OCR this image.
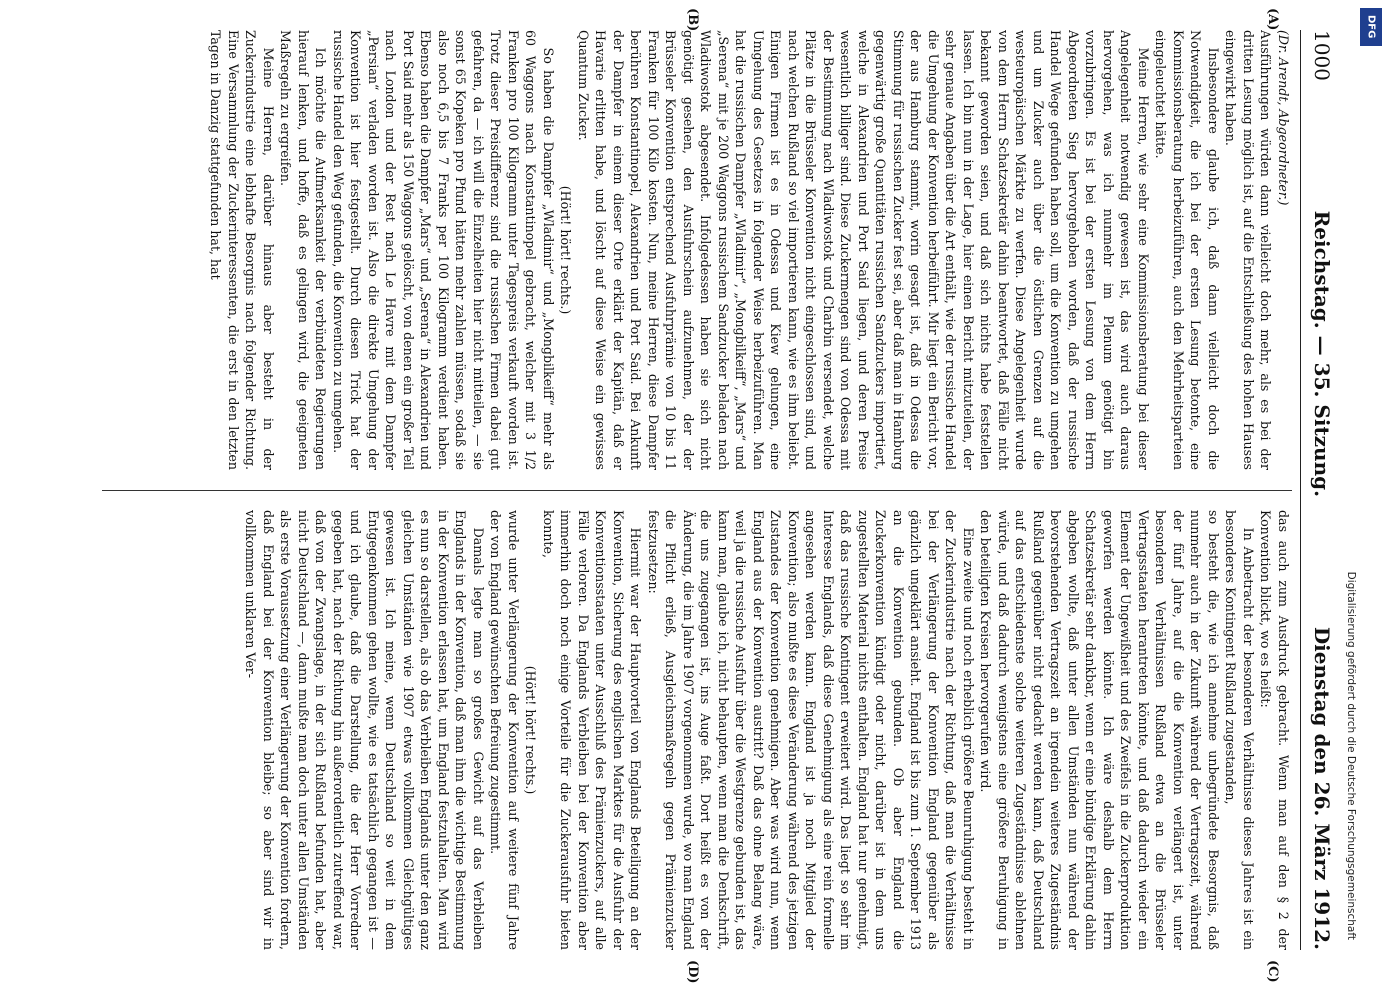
DFG
Digitalisierung gefördert durch die Deutsche Forschungsgemeinschaft
1000
Reichstag. — 35. Sitzung.
Dienstag den 26. März 1912.
(A)
(B)
(C)
(D)

(Dr. Arendt, Abgeordneter.)

Ausführungen würden dann vielleicht doch mehr, als es bei der dritten Lesung möglich ist, auf die Entschließung des hohen Hauses eingewirkt haben.

Insbesondere glaube ich, daß dann vielleicht doch die Notwendigkeit, die ich bei der ersten Lesung betonte, eine Kommissionsberatung herbeizuführen, auch den Mehrheitsparteien eingeleuchtet hätte.

Meine Herren, wie sehr eine Kommissionsberatung bei dieser Angelegenheit notwendig gewesen ist, das wird auch daraus hervorgehen, was ich nunmehr im Plenum genötigt bin vorzubringen. Es ist bei der ersten Lesung von dem Herrn Abgeordneten Sieg hervorgehoben worden, daß der russische Handel Wege gefunden haben soll, um die Konvention zu umgehen und um Zucker auch über die östlichen Grenzen auf die westeuropäischen Märkte zu werfen. Diese Angelegenheit wurde von dem Herrn Schatzsekretär dahin beantwortet, daß Fälle nicht bekannt geworden seien, und daß sich nichts habe feststellen lassen. Ich bin nun in der Lage, hier einen Bericht mitzuteilen, der sehr genaue Angaben über die Art enthält, wie der russische Handel die Umgehung der Konvention herbeiführt. Mir liegt ein Bericht vor, der aus Hamburg stammt, worin gesagt ist, daß in Odessa die Stimmung für russischen Zucker fest sei, aber daß man in Hamburg gegenwärtig große Quantitäten russischen Sandzuckers importiert, welche in Alexandrien und Port Said liegen, und deren Preise wesentlich billiger sind. Diese Zuckermengen sind von Odessa mit der Bestimmung nach Wladiwostok und Charbin versendet, welche Plätze in die Brüsseler Konvention nicht eingeschlossen sind, und nach welchen Rußland so viel importieren kann, wie es ihm beliebt. Einigen Firmen ist es in Odessa und Kiew gelungen, eine Umgehung des Gesetzes in folgender Weise herbeizuführen. Man hat die russischen Dampfer „Wladimir“, „Mongbilkeiff“, „Mars“ und „Serena“ mit je 200 Waggons russischem Sandzucker beladen nach Wladiwostok abgesendet. Infolgedessen haben sie sich nicht genötigt gesehen, den Ausfuhrschein aufzunehmen, der der Brüsseler Konvention entsprechend Ausfuhrprämie von 10 bis 11 Franken für 100 Kilo kosten. Nun, meine Herren, diese Dampfer berühren Konstantinopel, Alexandrien und Port Said. Bei Ankunft der Dampfer in einem dieser Orte erklärt der Kapitän, daß er Havarie erlitten habe, und löscht auf diese Weise ein gewisses Quantum Zucker.

(Hört! hört! rechts.)

So haben die Dampfer „Wladimir“ und „Mongbilkeiff“ mehr als 60 Waggons nach Konstantinopel gebracht, welcher mit 3 1/2 Franken pro 100 Kilogramm unter Tagespreis verkauft worden ist. Trotz dieser Preisdifferenz sind die russischen Firmen dabei gut gefahren, da — ich will die Einzelheiten hier nicht mitteilen, — sie sonst 65 Kopeken pro Pfund hätten mehr zahlen müssen, sodaß sie also noch 6,5 bis 7 Franks per 100 Kilogramm verdient haben. Ebenso haben die Dampfer „Mars“ und „Serena“ in Alexandrien und Port Said mehr als 150 Waggons gelöscht, von denen ein großer Teil nach London und der Rest nach Le Havre mit dem Dampfer „Persian“ verladen worden ist. Also die direkte Umgehung der Konvention ist hier festgestellt. Durch diesen Trick hat der russische Handel den Weg gefunden, die Konvention zu umgehen.

Ich möchte die Aufmerksamkeit der verbündeten Regierungen hierauf lenken, und hoffe, daß es gelingen wird, die geeigneten Maßregeln zu ergreifen.

Meine Herren, darüber hinaus aber besteht in der Zuckerindustrie eine lebhafte Besorgnis nach folgender Richtung. Eine Versammlung der Zuckerinteressenten, die erst in den letzten Tagen in Danzig stattgefunden hat, hat

das auch zum Ausdruck gebracht. Wenn man auf den § 2 der Konvention blickt, wo es heißt:

In Anbetracht der besonderen Verhältnisse dieses Jahres ist ein besonderes Kontingent Rußland zugestanden,

so besteht die, wie ich annehme unbegründete Besorgnis, daß nunmehr auch in der Zukunft während der Vertragszeit, während der fünf Jahre, auf die die Konvention verlängert ist, unter besonderen Verhältnissen Rußland etwa an die Brüsseler Vertragsstaaten herantreten könnte, und daß dadurch wieder ein Element der Ungewißheit und des Zweifels in die Zuckerproduktion geworfen werden könnte. Ich wäre deshalb dem Herrn Schatzsekretär sehr dankbar, wenn er eine bündige Erklärung dahin abgeben wollte, daß unter allen Umständen nun während der bevorstehenden Vertragszeit an irgendein weiteres Zugeständnis Rußland gegenüber nicht gedacht werden kann, daß Deutschland auf das entschiedenste solche weiteren Zugeständnisse ablehnen würde, und daß dadurch wenigstens eine größere Beruhigung in den beteiligten Kreisen hervorgerufen wird.

Eine zweite und noch erheblich größere Beunruhigung besteht in der Zuckerindustrie nach der Richtung, daß man die Verhältnisse bei der Verlängerung der Konvention England gegenüber als gänzlich ungeklärt ansieht. England ist bis zum 1. September 1913 an die Konvention gebunden. Ob aber England die Zuckerkonvention kündigt oder nicht, darüber ist in dem uns zugestellten Material nichts enthalten. England hat nur genehmigt, daß das russische Kontingent erweitert wird. Das liegt so sehr im Interesse Englands, daß diese Genehmigung als eine rein formelle angesehen werden kann. England ist ja noch Mitglied der Konvention; also mußte es diese Veränderung während des jetzigen Zustandes der Konvention genehmigen. Aber was wird nun, wenn England aus der Konvention austritt? Daß das ohne Belang wäre, weil ja die russische Ausfuhr über die Westgrenze gebunden ist, das kann man, glaube ich, nicht behaupten, wenn man die Denkschrift, die uns zugegangen ist, ins Auge faßt. Dort heißt es von der Änderung, die im Jahre 1907 vorgenommen wurde, wo man England die Pflicht erließ, Ausgleichsmaßregeln gegen Prämienzucker festzusetzen:

Hiermit war der Hauptvorteil von Englands Beteiligung an der Konvention, Sicherung des englischen Marktes für die Ausfuhr der Konventionsstaaten unter Ausschluß des Prämienzuckers, auf alle Fälle verloren. Da Englands Verbleiben bei der Konvention aber immerhin doch noch einige Vorteile für die Zuckerausfuhr bieten konnte,

(Hört! hört! rechts.)

wurde unter Verlängerung der Konvention auf weitere fünf Jahre der von England gewünschten Befreiung zugestimmt.

Damals legte man so großes Gewicht auf das Verbleiben Englands in der Konvention, daß man ihm die wichtige Bestimmung in der Konvention erlassen hat, um England festzuhalten. Man wird es nun so darstellen, als ob das Verbleiben Englands unter den ganz gleichen Umständen wie 1907 etwas vollkommen Gleichgültiges gewesen ist. Ich meine, wenn Deutschland so weit in dem Entgegenkommen gehen wollte, wie es tatsächlich gegangen ist — und ich glaube, daß die Darstellung, die der Herr Vorredner gegeben hat, nach der Richtung hin außerordentlich zutreffend war, daß von der Zwangslage, in der sich Rußland befunden hat, aber nicht Deutschland —, dann mußte man doch unter allen Umständen als erste Voraussetzung einer Verlängerung der Konvention fordern, daß England bei der Konvention bleibe; so aber sind wir in vollkommen unklaren Ver-
